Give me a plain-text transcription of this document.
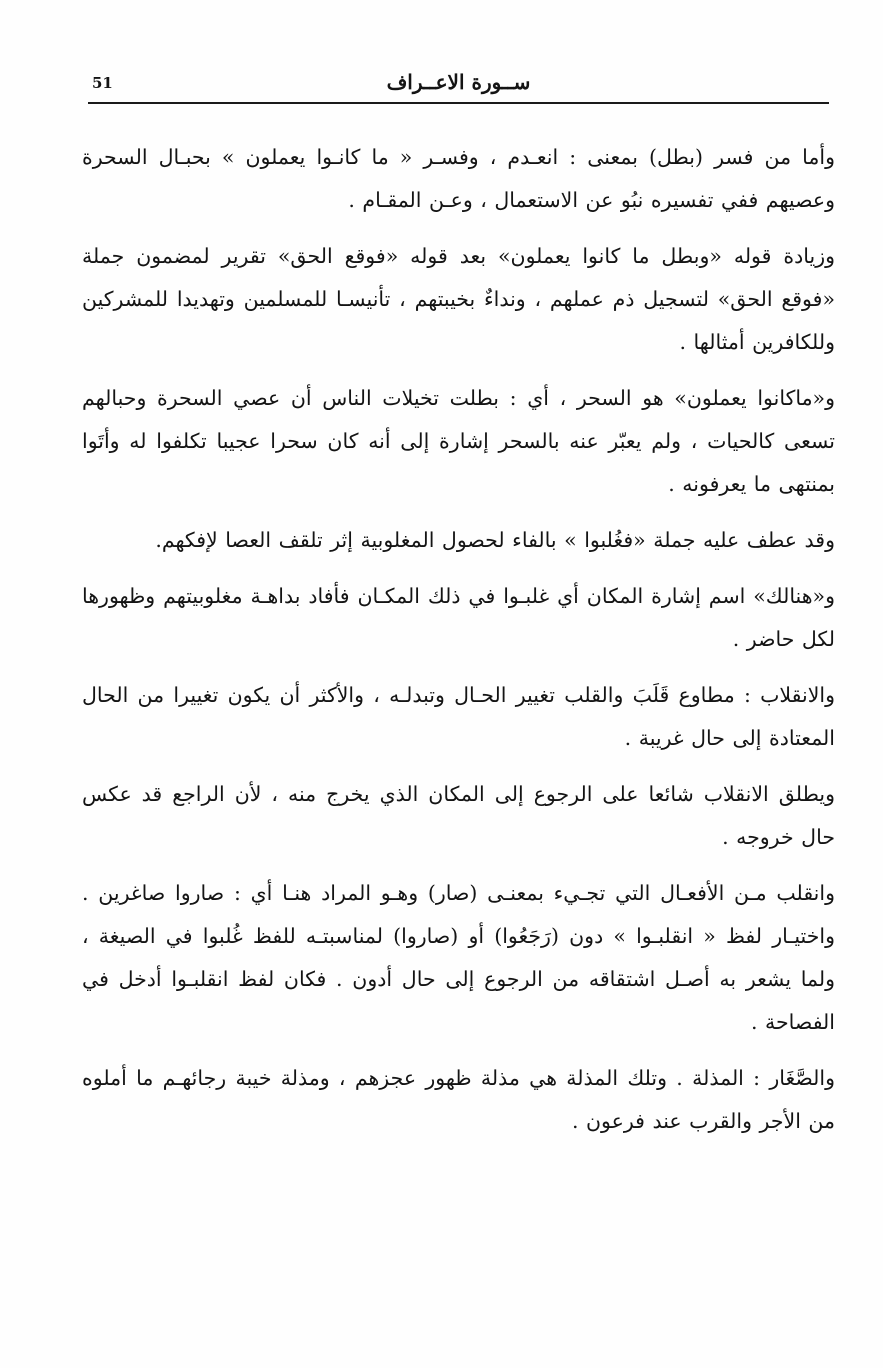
51	ســورة الاعــراف

وأما من فسر (بطل) بمعنى : انعـدم ، وفسـر « ما كانـوا يعملون » بحبـال السحرة وعصيهم ففي تفسيره نبُو عن الاستعمال ، وعـن المقـام .

وزيادة قوله «وبطل ما كانوا يعملون» بعد قوله «فوقع الحق» تقرير لمضمون جملة «فوقع الحق» لتسجيل ذم عملهم ، ونداءٌ بخيبتهم ، تأنيسـا للمسلمين وتهديدا للمشركين وللكافرين أمثالها .

و«ماكانوا يعملون» هو السحر ، أي : بطلت تخيلات الناس أن عصي السحرة وحبالهم تسعى كالحيات ، ولم يعبّر عنه بالسحر إشارة إلى أنه كان سحرا عجيبا تكلفوا له وأتَوا بمنتهى ما يعرفونه .

وقد عطف عليه جملة «فغُلبوا » بالفاء لحصول المغلوبية إثر تلقف العصا لإفكهم.

و«هنالك» اسم إشارة المكان أي غلبـوا في ذلك المكـان فأفاد بداهـة مغلوبيتهم وظهورها لكل حاضر .

والانقلاب : مطاوع قَلَبَ والقلب تغيير الحـال وتبدلـه ، والأكثر أن يكون تغييرا من الحال المعتادة إلى حال غريبة .

ويطلق الانقلاب شائعا على الرجوع إلى المكان الذي يخرج منه ، لأن الراجع قد عكس حال خروجه .

وانقلب مـن الأفعـال التي تجـيء بمعنـى (صار) وهـو المراد هنـا أي : صاروا صاغرين . واختيـار لفظ « انقلبـوا » دون (رَجَعُوا) أو (صاروا) لمناسبتـه للفظ غُلبوا في الصيغة ، ولما يشعر به أصـل اشتقاقه من الرجوع إلى حال أدون . فكان لفظ انقلبـوا أدخل في الفصاحة .

والصَّغَار : المذلة . وتلك المذلة هي مذلة ظهور عجزهم ، ومذلة خيبة رجائهـم ما أملوه من الأجر والقرب عند فرعون .
